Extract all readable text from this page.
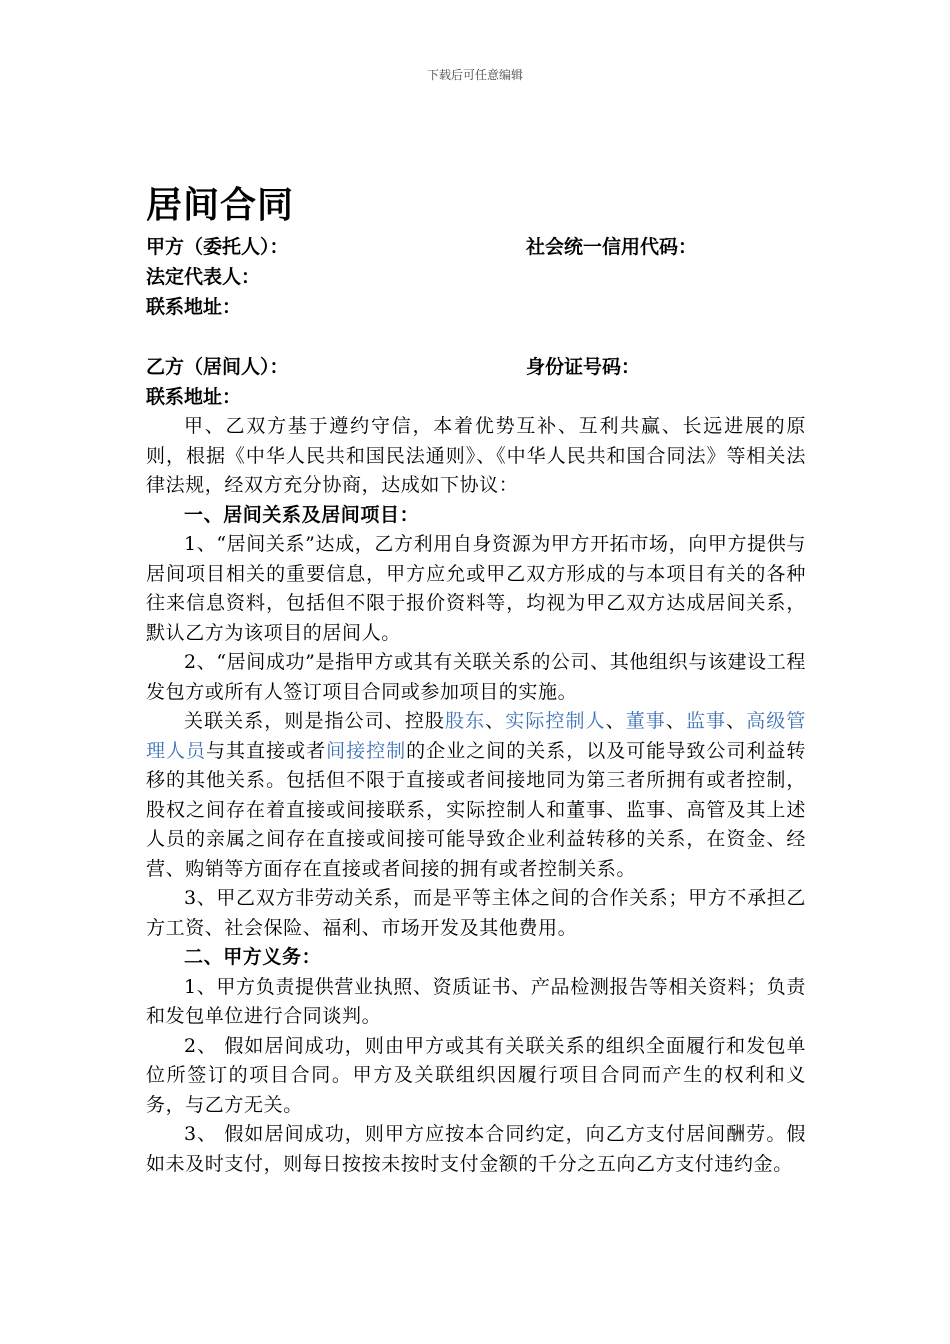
下载后可任意编辑
居间合同
甲方（委托人）：	社会统一信用代码：
法定代表人：
联系地址：
乙方（居间人）：	身份证号码：
联系地址：

甲、乙双方基于遵约守信，本着优势互补、互利共赢、长远进展的原则，根据《中华人民共和国民法通则》、《中华人民共和国合同法》等相关法律法规，经双方充分协商，达成如下协议：

一、居间关系及居间项目：

1、“居间关系”达成，乙方利用自身资源为甲方开拓市场，向甲方提供与居间项目相关的重要信息，甲方应允或甲乙双方形成的与本项目有关的各种往来信息资料，包括但不限于报价资料等，均视为甲乙双方达成居间关系，默认乙方为该项目的居间人。

2、“居间成功”是指甲方或其有关联关系的公司、其他组织与该建设工程发包方或所有人签订项目合同或参加项目的实施。

关联关系，则是指公司、控股股东、实际控制人、董事、监事、高级管理人员与其直接或者间接控制的企业之间的关系，以及可能导致公司利益转移的其他关系。包括但不限于直接或者间接地同为第三者所拥有或者控制，股权之间存在着直接或间接联系，实际控制人和董事、监事、高管及其上述人员的亲属之间存在直接或间接可能导致企业利益转移的关系，在资金、经营、购销等方面存在直接或者间接的拥有或者控制关系。

3、甲乙双方非劳动关系，而是平等主体之间的合作关系；甲方不承担乙方工资、社会保险、福利、市场开发及其他费用。

二、甲方义务：

1、甲方负责提供营业执照、资质证书、产品检测报告等相关资料；负责和发包单位进行合同谈判。

2、 假如居间成功，则由甲方或其有关联关系的组织全面履行和发包单位所签订的项目合同。甲方及关联组织因履行项目合同而产生的权利和义务，与乙方无关。

3、 假如居间成功，则甲方应按本合同约定，向乙方支付居间酬劳。假如未及时支付，则每日按按未按时支付金额的千分之五向乙方支付违约金。
